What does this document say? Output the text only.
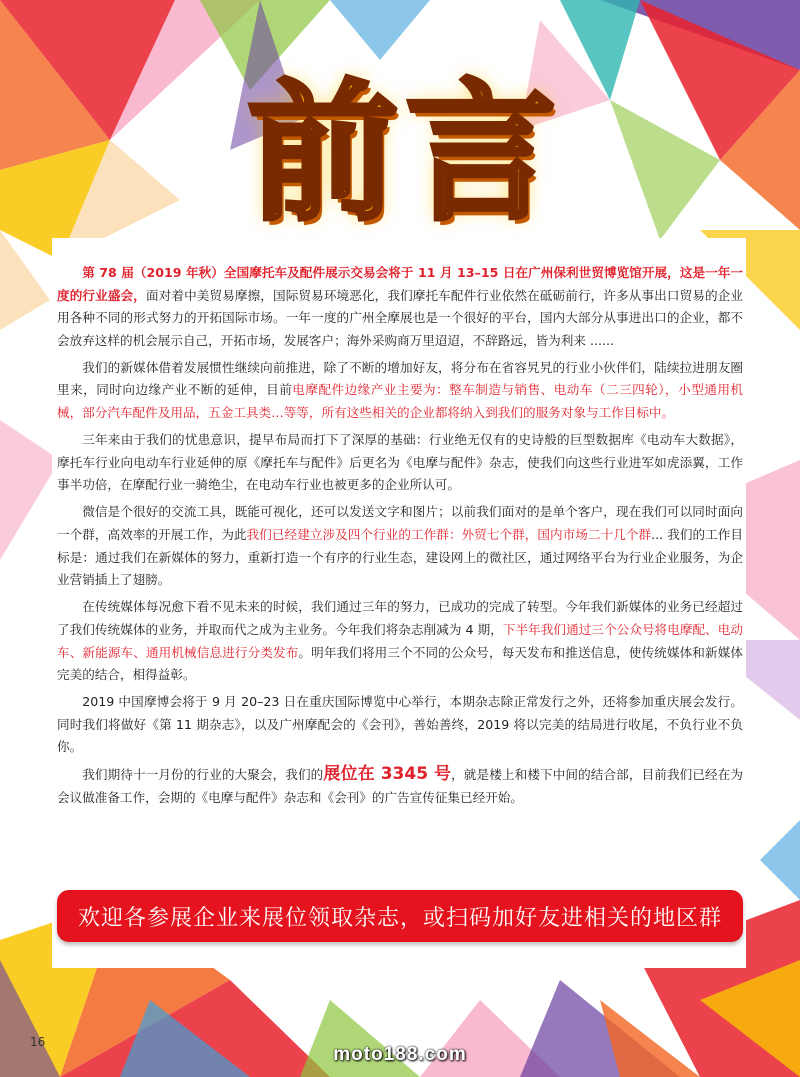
前 言

第 78 届（2019 年秋）全国摩托车及配件展示交易会将于 11 月 13–15 日在广州保利世贸博览馆开展，这是一年一度的行业盛会，面对着中美贸易摩擦，国际贸易环境恶化，我们摩托车配件行业依然在砥砺前行，许多从事出口贸易的企业用各种不同的形式努力的开拓国际市场。一年一度的广州全摩展也是一个很好的平台，国内大部分从事进出口的企业，都不会放弃这样的机会展示自己，开拓市场，发展客户；海外采购商万里迢迢，不辞路远，皆为利来 ......

我们的新媒体借着发展惯性继续向前推进，除了不断的增加好友，将分布在省容旯旯的行业小伙伴们，陆续拉进朋友圈里来，同时向边缘产业不断的延伸，目前电摩配件边缘产业主要为：整车制造与销售、电动车（二三四轮），小型通用机械，部分汽车配件及用品，五金工具类…等等，所有这些相关的企业都将纳入到我们的服务对象与工作目标中。

三年来由于我们的忧患意识，提早布局而打下了深厚的基础：行业绝无仅有的史诗般的巨型数据库《电动车大数据》，摩托车行业向电动车行业延伸的原《摩托车与配件》后更名为《电摩与配件》杂志，使我们向这些行业进军如虎添翼，工作事半功倍，在摩配行业一骑绝尘，在电动车行业也被更多的企业所认可。

微信是个很好的交流工具，既能可视化，还可以发送文字和图片；以前我们面对的是单个客户，现在我们可以同时面向一个群，高效率的开展工作，为此我们已经建立涉及四个行业的工作群：外贸七个群，国内市场二十几个群... 我们的工作目标是：通过我们在新媒体的努力，重新打造一个有序的行业生态，建设网上的微社区，通过网络平台为行业企业服务，为企业营销插上了翅膀。

在传统媒体每况愈下看不见未来的时候，我们通过三年的努力，已成功的完成了转型。今年我们新媒体的业务已经超过了我们传统媒体的业务，并取而代之成为主业务。今年我们将杂志削减为 4 期，下半年我们通过三个公众号将电摩配、电动车、新能源车、通用机械信息进行分类发布。明年我们将用三个不同的公众号，每天发布和推送信息，使传统媒体和新媒体完美的结合，相得益彰。

2019 中国摩博会将于 9 月 20–23 日在重庆国际博览中心举行，本期杂志除正常发行之外，还将参加重庆展会发行。同时我们将做好《第 11 期杂志》，以及广州摩配会的《会刊》，善始善终，2019 将以完美的结局进行收尾，不负行业不负你。

我们期待十一月份的行业的大聚会，我们的展位在 3345 号，就是楼上和楼下中间的结合部，目前我们已经在为会议做准备工作，会期的《电摩与配件》杂志和《会刊》的广告宣传征集已经开始。

欢迎各参展企业来展位领取杂志，或扫码加好友进相关的地区群
16
moto188.com
